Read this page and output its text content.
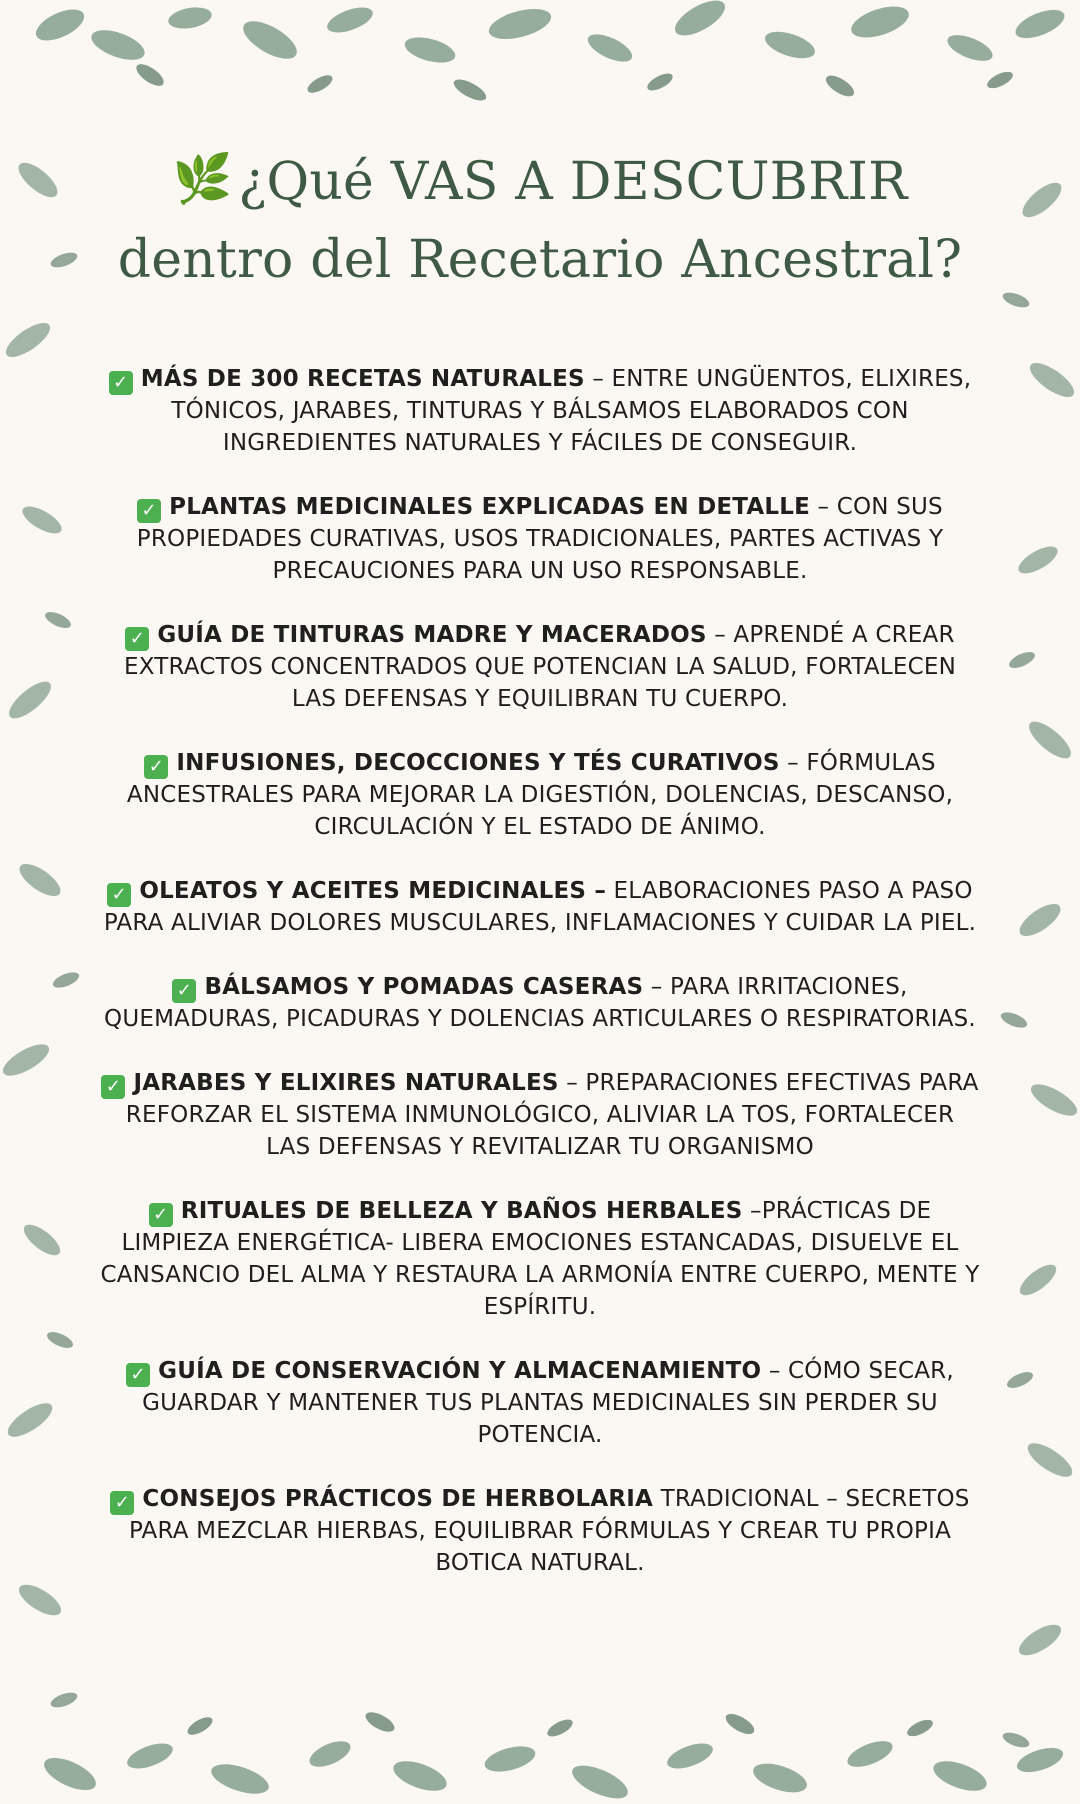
🌿 ¿Qué VAS A DESCUBRIR
dentro del Recetario Ancestral?

✓ MÁS DE 300 RECETAS NATURALES – ENTRE UNGÜENTOS, ELIXIRES, TÓNICOS, JARABES, TINTURAS Y BÁLSAMOS ELABORADOS CON INGREDIENTES NATURALES Y FÁCILES DE CONSEGUIR.

✓ PLANTAS MEDICINALES EXPLICADAS EN DETALLE – CON SUS PROPIEDADES CURATIVAS, USOS TRADICIONALES, PARTES ACTIVAS Y PRECAUCIONES PARA UN USO RESPONSABLE.

✓ GUÍA DE TINTURAS MADRE Y MACERADOS – APRENDÉ A CREAR EXTRACTOS CONCENTRADOS QUE POTENCIAN LA SALUD, FORTALECEN LAS DEFENSAS Y EQUILIBRAN TU CUERPO.

✓ INFUSIONES, DECOCCIONES Y TÉS CURATIVOS – FÓRMULAS ANCESTRALES PARA MEJORAR LA DIGESTIÓN, DOLENCIAS, DESCANSO, CIRCULACIÓN Y EL ESTADO DE ÁNIMO.

✓ OLEATOS Y ACEITES MEDICINALES – ELABORACIONES PASO A PASO PARA ALIVIAR DOLORES MUSCULARES, INFLAMACIONES Y CUIDAR LA PIEL.

✓ BÁLSAMOS Y POMADAS CASERAS – PARA IRRITACIONES, QUEMADURAS, PICADURAS Y DOLENCIAS ARTICULARES O RESPIRATORIAS.

✓ JARABES Y ELIXIRES NATURALES – PREPARACIONES EFECTIVAS PARA REFORZAR EL SISTEMA INMUNOLÓGICO, ALIVIAR LA TOS, FORTALECER LAS DEFENSAS Y REVITALIZAR TU ORGANISMO

✓ RITUALES DE BELLEZA Y BAÑOS HERBALES –PRÁCTICAS DE LIMPIEZA ENERGÉTICA- LIBERA EMOCIONES ESTANCADAS, DISUELVE EL CANSANCIO DEL ALMA Y RESTAURA LA ARMONÍA ENTRE CUERPO, MENTE Y ESPÍRITU.

✓ GUÍA DE CONSERVACIÓN Y ALMACENAMIENTO – CÓMO SECAR, GUARDAR Y MANTENER TUS PLANTAS MEDICINALES SIN PERDER SU POTENCIA.

✓ CONSEJOS PRÁCTICOS DE HERBOLARIA TRADICIONAL – SECRETOS PARA MEZCLAR HIERBAS, EQUILIBRAR FÓRMULAS Y CREAR TU PROPIA BOTICA NATURAL.
